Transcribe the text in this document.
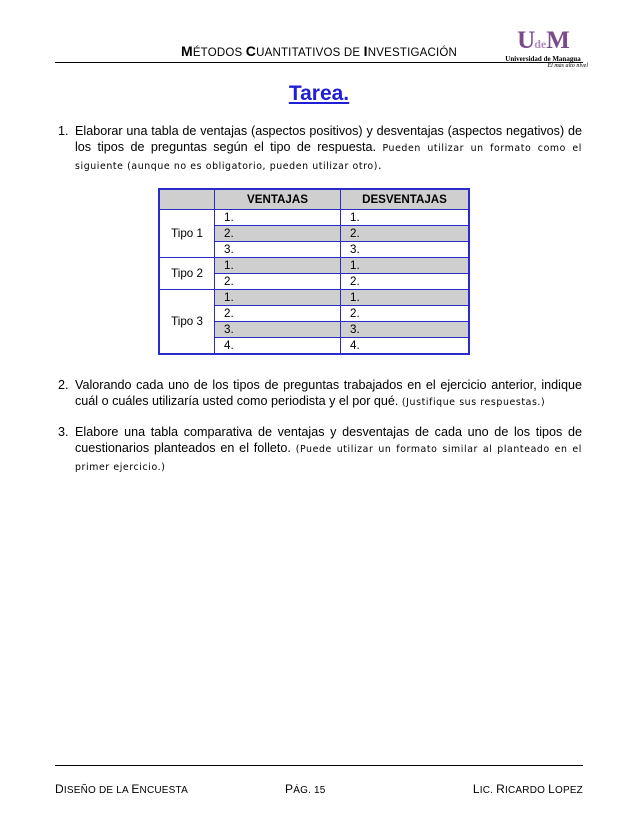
MÉTODOS CUANTITATIVOS DE INVESTIGACIÓN	UdeM
Universidad de Managua
El más alto nivel
Tarea.
1. Elaborar una tabla de ventajas (aspectos positivos) y desventajas (aspectos negativos) de los tipos de preguntas según el tipo de respuesta. Pueden utilizar un formato como el siguiente (aunque no es obligatorio, pueden utilizar otro).
	VENTAJAS	DESVENTAJAS
Tipo 1	1.	1.
	2.	2.
	3.	3.
Tipo 2	1.	1.
	2.	2.
Tipo 3	1.	1.
	2.	2.
	3.	3.
	4.	4.
2. Valorando cada uno de los tipos de preguntas trabajados en el ejercicio anterior, indique cuál o cuáles utilizaría usted como periodista y el por qué. (Justifique sus respuestas.)
3. Elabore una tabla comparativa de ventajas y desventajas de cada uno de los tipos de cuestionarios planteados en el folleto. (Puede utilizar un formato similar al planteado en el primer ejercicio.)
DISEÑO DE LA ENCUESTA	PÁG. 15	LIC. RICARDO LOPEZ
